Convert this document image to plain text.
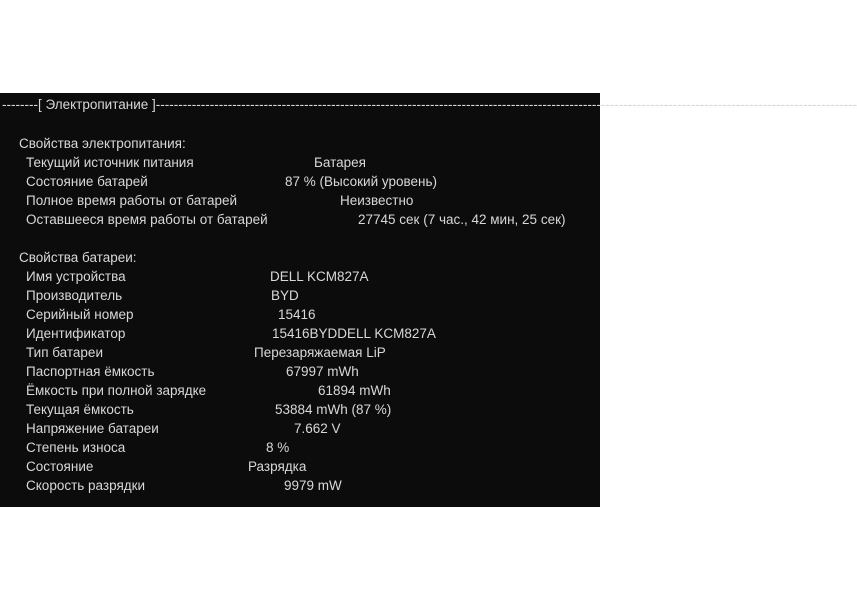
--------[ Электропитание ]------------------------------------------------------------------------------------------------------------------------------------------------------------
Свойства электропитания:
Текущий источник питания	Батарея
Состояние батарей	87 % (Высокий уровень)
Полное время работы от батарей	Неизвестно
Оставшееся время работы от батарей	27745 сек (7 час., 42 мин, 25 сек)
Свойства батареи:
Имя устройства	DELL KCM827A
Производитель	BYD
Серийный номер	15416
Идентификатор	15416BYDDELL KCM827A
Тип батареи	Перезаряжаемая LiP
Паспортная ёмкость	67997 mWh
Ёмкость при полной зарядке	61894 mWh
Текущая ёмкость	53884 mWh (87 %)
Напряжение батареи	7.662 V
Степень износа	8 %
Состояние	Разрядка
Скорость разрядки	9979 mW
